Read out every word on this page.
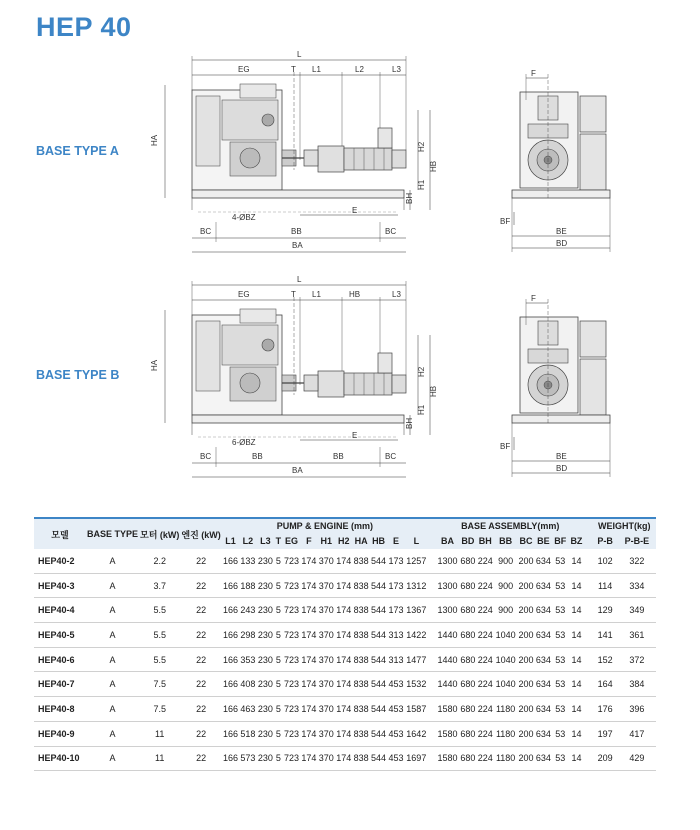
HEP 40
BASE TYPE A
BASE TYPE B
L
EG	T L1	L2	L3
HA
H2
H1
HB
BH
E
4-ØBZ
BC	BB	BC
BA
F
BF
BE
BD
L
EG	T L1	HB	L3
HA
H2
H1
HB
BH
E
6-ØBZ
BC	BB	BB	BC
BA
F
BF
BE
BD
모델	BASE TYPE	모터 (kW)	엔진 (kW)	PUMP & ENGINE (mm)													BASE ASSEMBLY(mm)									WEIGHT(kg)	
				L1	L2	L3	T	EG	F	H1	H2	HA	HB	E	L		BA	BD	BH	BB	BC	BE	BF	BZ		P-B	P-B-E
HEP40-2	A	2.2	22	166	133	230	5	723	174	370	174	838	544	173	1257		1300	680	224	900	200	634	53	14		102	322
HEP40-3	A	3.7	22	166	188	230	5	723	174	370	174	838	544	173	1312		1300	680	224	900	200	634	53	14		114	334
HEP40-4	A	5.5	22	166	243	230	5	723	174	370	174	838	544	173	1367		1300	680	224	900	200	634	53	14		129	349
HEP40-5	A	5.5	22	166	298	230	5	723	174	370	174	838	544	313	1422		1440	680	224	1040	200	634	53	14		141	361
HEP40-6	A	5.5	22	166	353	230	5	723	174	370	174	838	544	313	1477		1440	680	224	1040	200	634	53	14		152	372
HEP40-7	A	7.5	22	166	408	230	5	723	174	370	174	838	544	453	1532		1440	680	224	1040	200	634	53	14		164	384
HEP40-8	A	7.5	22	166	463	230	5	723	174	370	174	838	544	453	1587		1580	680	224	1180	200	634	53	14		176	396
HEP40-9	A	11	22	166	518	230	5	723	174	370	174	838	544	453	1642		1580	680	224	1180	200	634	53	14		197	417
HEP40-10	A	11	22	166	573	230	5	723	174	370	174	838	544	453	1697		1580	680	224	1180	200	634	53	14		209	429
